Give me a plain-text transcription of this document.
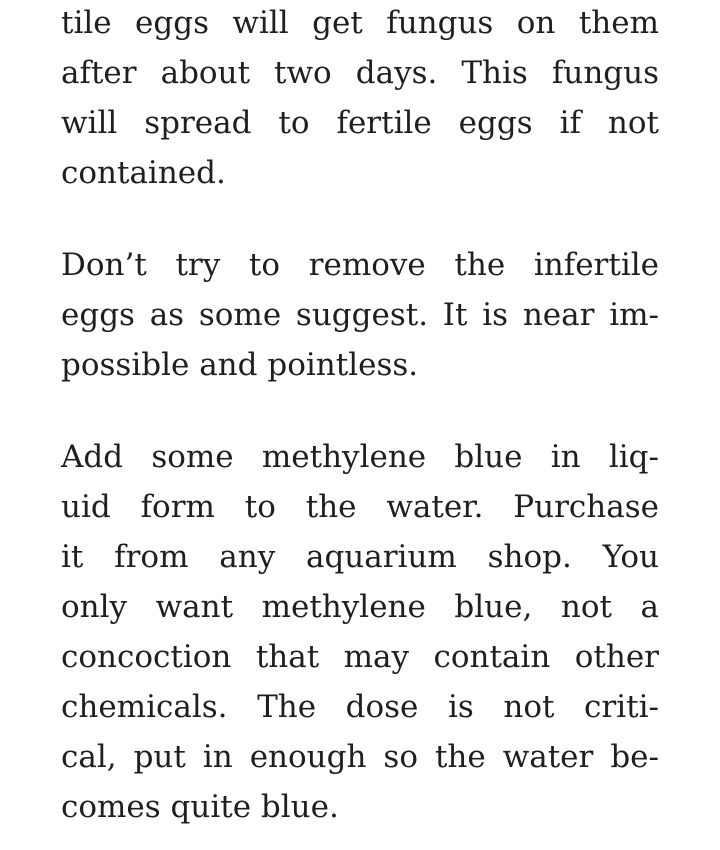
tile eggs will get fungus on them
after about two days. This fungus
will spread to fertile eggs if not
contained.

Don’t try to remove the infertile
eggs as some suggest. It is near im-
possible and pointless.

Add some methylene blue in liq-
uid form to the water. Purchase
it from any aquarium shop. You
only want methylene blue, not a
concoction that may contain other
chemicals. The dose is not criti-
cal, put in enough so the water be-
comes quite blue.
